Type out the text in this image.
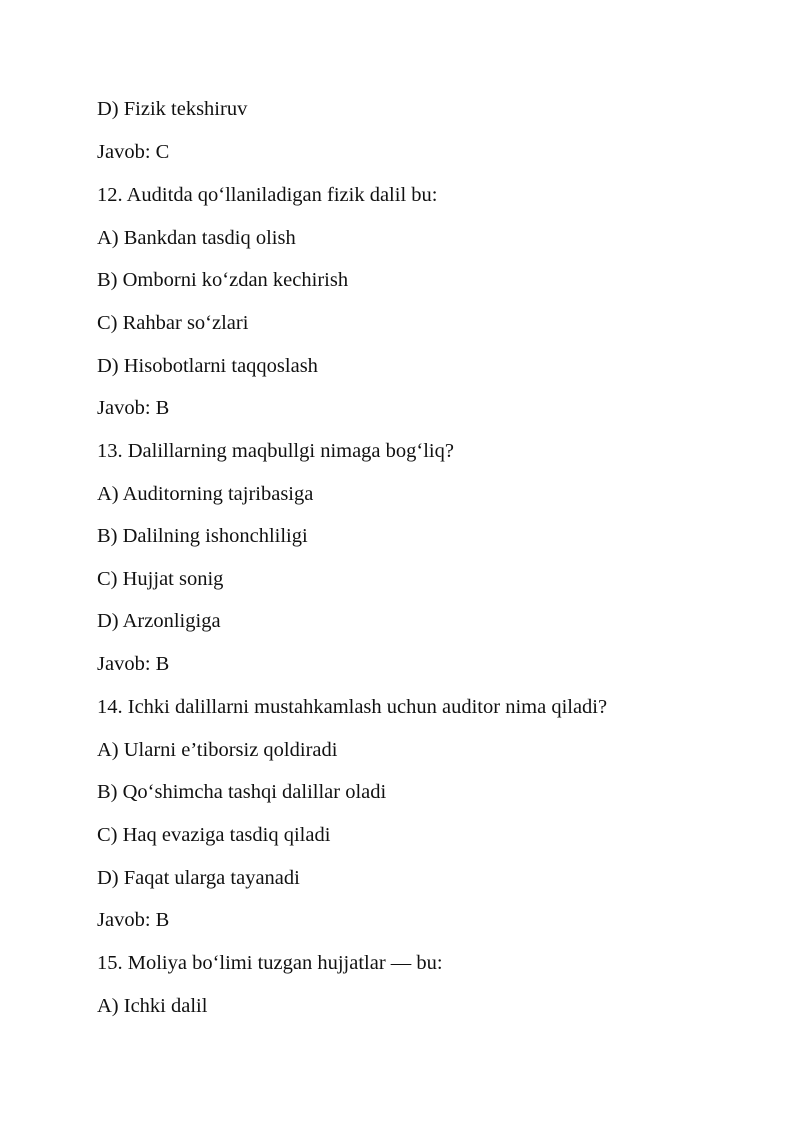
D) Fizik tekshiruv

Javob: C

12. Auditda qo‘llaniladigan fizik dalil bu:

A) Bankdan tasdiq olish

B) Omborni ko‘zdan kechirish

C) Rahbar so‘zlari

D) Hisobotlarni taqqoslash

Javob: B

13. Dalillarning maqbullgi nimaga bog‘liq?

A) Auditorning tajribasiga

B) Dalilning ishonchliligi

C) Hujjat sonig

D) Arzonligiga

Javob: B

14. Ichki dalillarni mustahkamlash uchun auditor nima qiladi?

A) Ularni e’tiborsiz qoldiradi

B) Qo‘shimcha tashqi dalillar oladi

C) Haq evaziga tasdiq qiladi

D) Faqat ularga tayanadi

Javob: B

15. Moliya bo‘limi tuzgan hujjatlar — bu:

A) Ichki dalil
